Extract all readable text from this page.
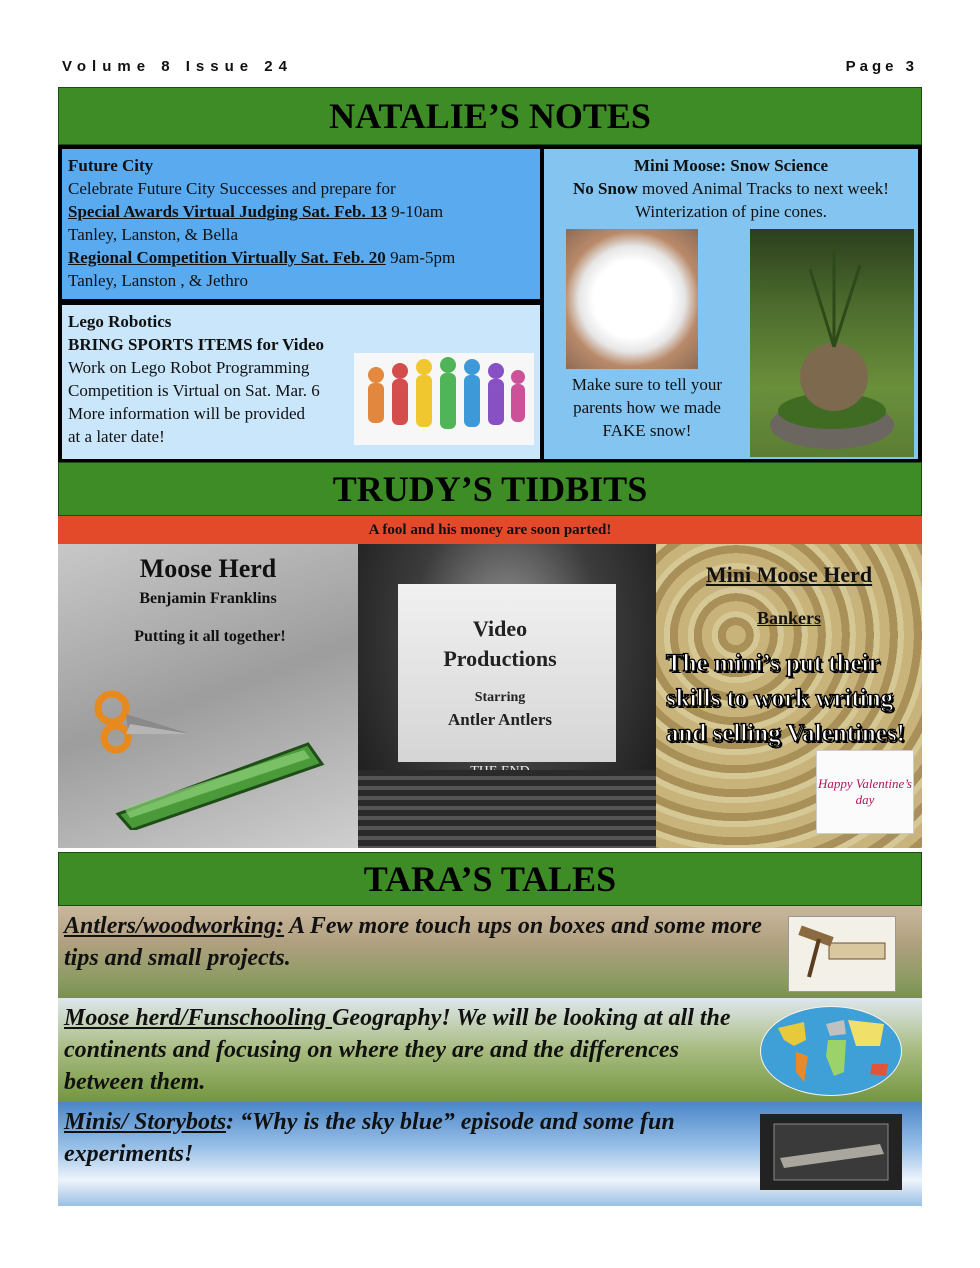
Volume 8 Issue 24	Page 3
NATALIE’S NOTES
Future City
Celebrate Future City Successes and prepare for
Special Awards Virtual Judging Sat. Feb. 13 9-10am
Tanley, Lanston, & Bella
Regional Competition Virtually Sat. Feb. 20 9am-5pm
Tanley, Lanston , & Jethro
Lego Robotics
BRING SPORTS ITEMS for Video
Work on Lego Robot Programming
Competition is Virtual on Sat. Mar. 6
More information will be provided
at a later date!
Mini Moose: Snow Science
No Snow moved Animal Tracks to next week!
Winterization of pine cones.
Make sure to tell your
parents how we made
FAKE snow!
TRUDY’S TIDBITS
A fool and his money are soon parted!
Moose Herd
Benjamin Franklins
Putting it all together!	Video
Productions
Starring
Antler Antlers
Mini Moose Herd
Bankers
The mini’s put their skills to work writing and selling Valentines!
Happy Valentine’s day
TARA’S TALES
Antlers/woodworking: A Few more touch ups on boxes and some more tips and small projects.
Moose herd/Funschooling Geography! We will be looking at all the continents and focusing on where they are and the differences between them.
Minis/ Storybots: “Why is the sky blue” episode and some fun experiments!
